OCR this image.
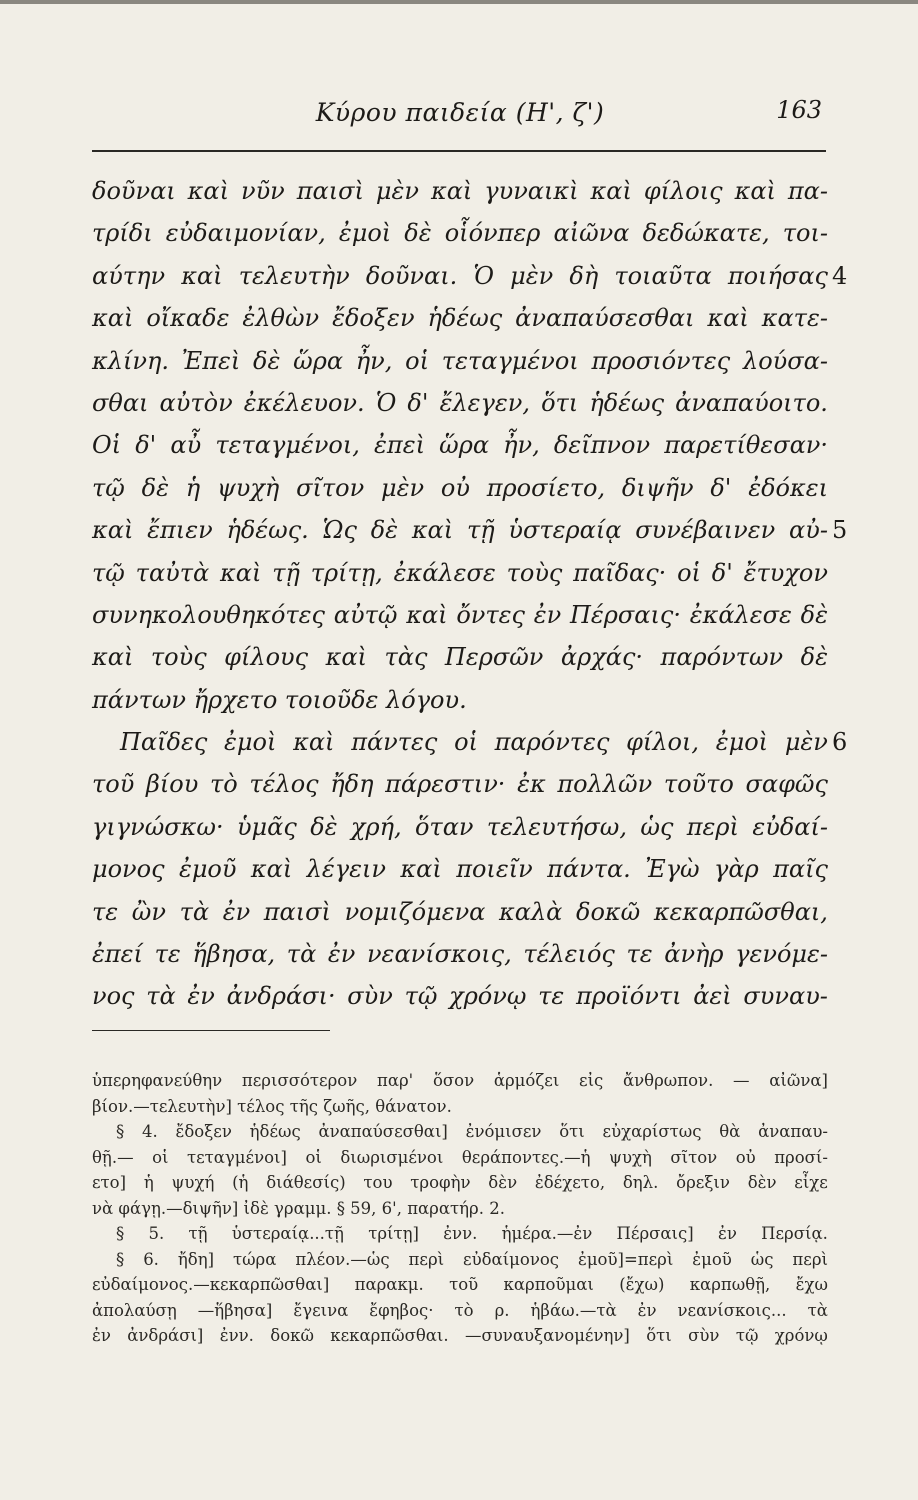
Κύρου παιδεία (Η', ζ')	163
δοῦναι καὶ νῦν παισὶ μὲν καὶ γυναικὶ καὶ φίλοις καὶ πα-
τρίδι εὐδαιμονίαν, ἐμοὶ δὲ οἷόνπερ αἰῶνα δεδώκατε, τοι-
αύτην καὶ τελευτὴν δοῦναι. Ὁ μὲν δὴ τοιαῦτα ποιήσας 4
καὶ οἴκαδε ἐλθὼν ἔδοξεν ἡδέως ἀναπαύσεσθαι καὶ κατε-
κλίνη. Ἐπεὶ δὲ ὥρα ἦν, οἱ τεταγμένοι προσιόντες λούσα-
σθαι αὐτὸν ἐκέλευον. Ὁ δ' ἔλεγεν, ὅτι ἡδέως ἀναπαύοιτο.
Οἱ δ' αὖ τεταγμένοι, ἐπεὶ ὥρα ἦν, δεῖπνον παρετίθεσαν·
τῷ δὲ ἡ ψυχὴ σῖτον μὲν οὐ προσίετο, διψῆν δ' ἐδόκει
καὶ ἔπιεν ἡδέως. Ὡς δὲ καὶ τῇ ὑστεραίᾳ συνέβαινεν αὐ- 5
τῷ ταὐτὰ καὶ τῇ τρίτῃ, ἐκάλεσε τοὺς παῖδας· οἱ δ' ἔτυχον
συνηκολουθηκότες αὐτῷ καὶ ὄντες ἐν Πέρσαις· ἐκάλεσε δὲ
καὶ τοὺς φίλους καὶ τὰς Περσῶν ἀρχάς· παρόντων δὲ
πάντων ἤρχετο τοιοῦδε λόγου.
Παῖδες ἐμοὶ καὶ πάντες οἱ παρόντες φίλοι, ἐμοὶ μὲν 6
τοῦ βίου τὸ τέλος ἤδη πάρεστιν· ἐκ πολλῶν τοῦτο σαφῶς
γιγνώσκω· ὑμᾶς δὲ χρή, ὅταν τελευτήσω, ὡς περὶ εὐδαί-
μονος ἐμοῦ καὶ λέγειν καὶ ποιεῖν πάντα. Ἐγὼ γὰρ παῖς
τε ὢν τὰ ἐν παισὶ νομιζόμενα καλὰ δοκῶ κεκαρπῶσθαι,
ἐπεί τε ἥβησα, τὰ ἐν νεανίσκοις, τέλειός τε ἀνὴρ γενόμε-
νος τὰ ἐν ἀνδράσι· σὺν τῷ χρόνῳ τε προϊόντι ἀεὶ συναυ-
ὑπερηφανεύθην περισσότερον παρ' ὅσον ἁρμόζει εἰς ἄνθρωπον. — αἰῶνα]
βίον.—τελευτὴν] τέλος τῆς ζωῆς, θάνατον.
§ 4. ἔδοξεν ἡδέως ἀναπαύσεσθαι] ἐνόμισεν ὅτι εὐχαρίστως θὰ ἀναπαυ-
θῇ.— οἱ τεταγμένοι] οἱ διωρισμένοι θεράποντες.—ἡ ψυχὴ σῖτον οὐ προσί-
ετο] ἡ ψυχή (ἡ διάθεσίς) του τροφὴν δὲν ἐδέχετο, δηλ. ὄρεξιν δὲν εἶχε
νὰ φάγῃ.—διψῆν] ἰδὲ γραμμ. § 59, 6', παρατήρ. 2.
§ 5. τῇ ὑστεραίᾳ...τῇ τρίτῃ] ἐνν. ἡμέρα.—ἐν Πέρσαις] ἐν Περσίᾳ.
§ 6. ἤδη] τώρα πλέον.—ὡς περὶ εὐδαίμονος ἐμοῦ]=περὶ ἐμοῦ ὡς περὶ
εὐδαίμονος.—κεκαρπῶσθαι] παρακμ. τοῦ καρποῦμαι (ἔχω) καρπωθῇ, ἔχω
ἀπολαύσῃ —ἥβησα] ἔγεινα ἔφηβος· τὸ ρ. ἡβάω.—τὰ ἐν νεανίσκοις... τὰ
ἐν ἀνδράσι] ἐνν. δοκῶ κεκαρπῶσθαι. —συναυξανομένην] ὅτι σὺν τῷ χρόνῳ
